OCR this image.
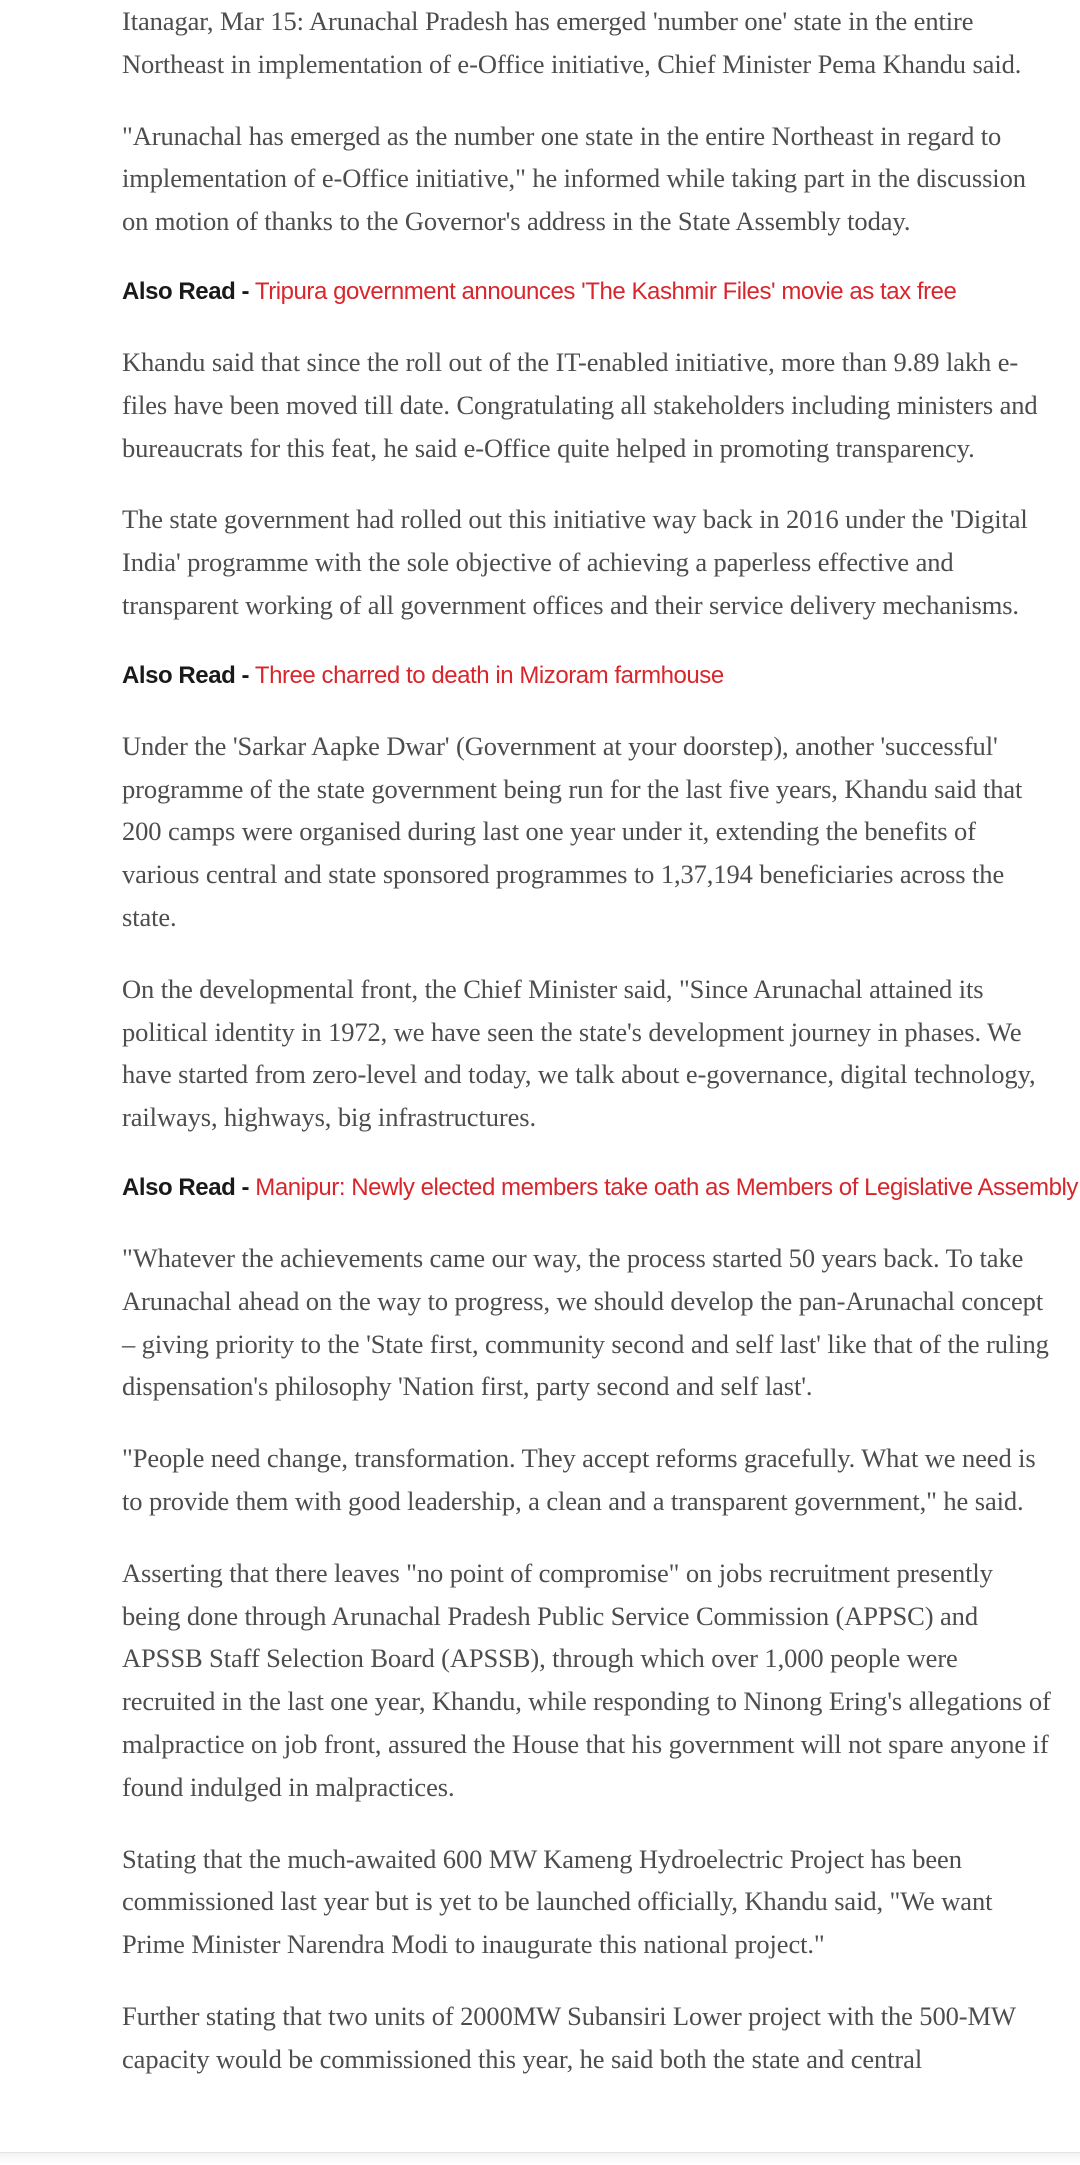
Itanagar, Mar 15: Arunachal Pradesh has emerged 'number one' state in the entire Northeast in implementation of e-Office initiative, Chief Minister Pema Khandu said.

"Arunachal has emerged as the number one state in the entire Northeast in regard to implementation of e-Office initiative," he informed while taking part in the discussion on motion of thanks to the Governor's address in the State Assembly today.

Also Read - Tripura government announces 'The Kashmir Files' movie as tax free

Khandu said that since the roll out of the IT-enabled initiative, more than 9.89 lakh e-files have been moved till date. Congratulating all stakeholders including ministers and bureaucrats for this feat, he said e-Office quite helped in promoting transparency.

The state government had rolled out this initiative way back in 2016 under the 'Digital India' programme with the sole objective of achieving a paperless effective and transparent working of all government offices and their service delivery mechanisms.

Also Read - Three charred to death in Mizoram farmhouse

Under the 'Sarkar Aapke Dwar' (Government at your doorstep), another 'successful' programme of the state government being run for the last five years, Khandu said that 200 camps were organised during last one year under it, extending the benefits of various central and state sponsored programmes to 1,37,194 beneficiaries across the state.

On the developmental front, the Chief Minister said, "Since Arunachal attained its political identity in 1972, we have seen the state's development journey in phases. We have started from zero-level and today, we talk about e-governance, digital technology, railways, highways, big infrastructures.

Also Read - Manipur: Newly elected members take oath as Members of Legislative Assembly

"Whatever the achievements came our way, the process started 50 years back. To take Arunachal ahead on the way to progress, we should develop the pan-Arunachal concept – giving priority to the 'State first, community second and self last' like that of the ruling dispensation's philosophy 'Nation first, party second and self last'.

"People need change, transformation. They accept reforms gracefully. What we need is to provide them with good leadership, a clean and a transparent government," he said.

Asserting that there leaves "no point of compromise" on jobs recruitment presently being done through Arunachal Pradesh Public Service Commission (APPSC) and APSSB Staff Selection Board (APSSB), through which over 1,000 people were recruited in the last one year, Khandu, while responding to Ninong Ering's allegations of malpractice on job front, assured the House that his government will not spare anyone if found indulged in malpractices.

Stating that the much-awaited 600 MW Kameng Hydroelectric Project has been commissioned last year but is yet to be launched officially, Khandu said, "We want Prime Minister Narendra Modi to inaugurate this national project."

Further stating that two units of 2000MW Subansiri Lower project with the 500-MW capacity would be commissioned this year, he said both the state and central
